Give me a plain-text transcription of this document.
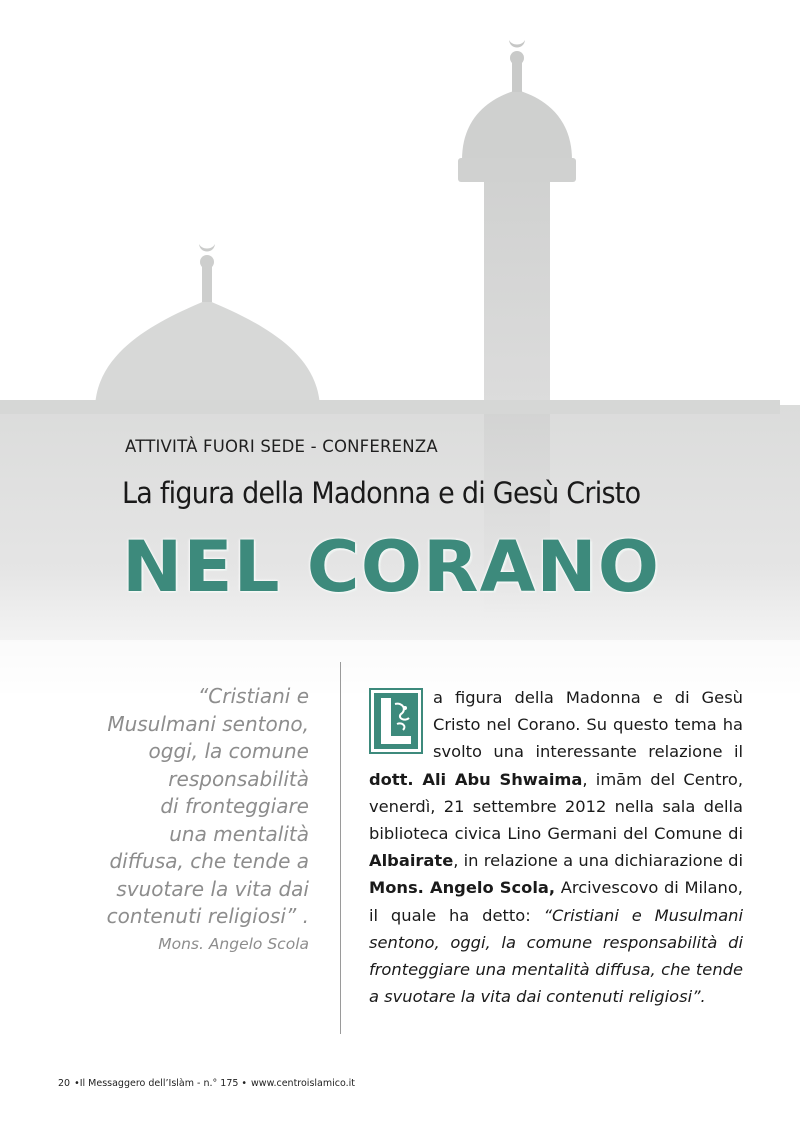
ATTIVITÀ FUORI SEDE - CONFERENZA
La figura della Madonna e di Gesù Cristo
NEL CORANO

“Cristiani e
Musulmani sentono,
oggi, la comune
responsabilità
di fronteggiare
una mentalità
diffusa, che tende a
svuotare la vita dai
contenuti religiosi” .

Mons. Angelo Scola

a figura della Madonna e di Gesù Cristo nel Corano. Su questo tema ha svolto una interessante relazione il dott. Ali Abu Shwaima, imām del Centro, venerdì, 21 settembre 2012 nella sala della biblioteca civica Lino Germani del Comune di Albairate, in relazione a una dichiarazione di Mons. Angelo Scola, Arcivescovo di Milano, il quale ha detto: “Cristiani e Musulmani sentono, oggi, la comune responsabilità di fronteggiare una mentalità diffusa, che tende a svuotare la vita dai contenuti religiosi”.

20 •Il Messaggero dell’Islàm - n.° 175 • www.centroislamico.it
